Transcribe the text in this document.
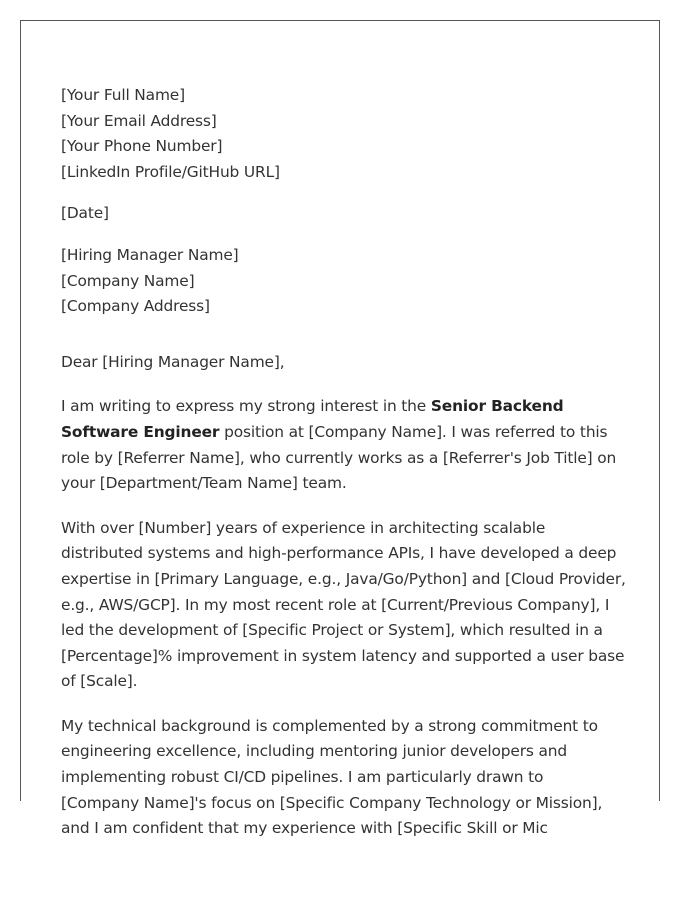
[Your Full Name]
[Your Email Address]
[Your Phone Number]
[LinkedIn Profile/GitHub URL]
[Date]
[Hiring Manager Name]
[Company Name]
[Company Address]

Dear [Hiring Manager Name],

I am writing to express my strong interest in the Senior Backend Software Engineer position at [Company Name]. I was referred to this role by [Referrer Name], who currently works as a [Referrer's Job Title] on your [Department/Team Name] team.

With over [Number] years of experience in architecting scalable distributed systems and high-performance APIs, I have developed a deep expertise in [Primary Language, e.g., Java/Go/Python] and [Cloud Provider, e.g., AWS/GCP]. In my most recent role at [Current/Previous Company], I led the development of [Specific Project or System], which resulted in a [Percentage]% improvement in system latency and supported a user base of [Scale].

My technical background is complemented by a strong commitment to engineering excellence, including mentoring junior developers and implementing robust CI/CD pipelines. I am particularly drawn to [Company Name]'s focus on [Specific Company Technology or Mission], and I am confident that my experience with [Specific Skill or Mic
